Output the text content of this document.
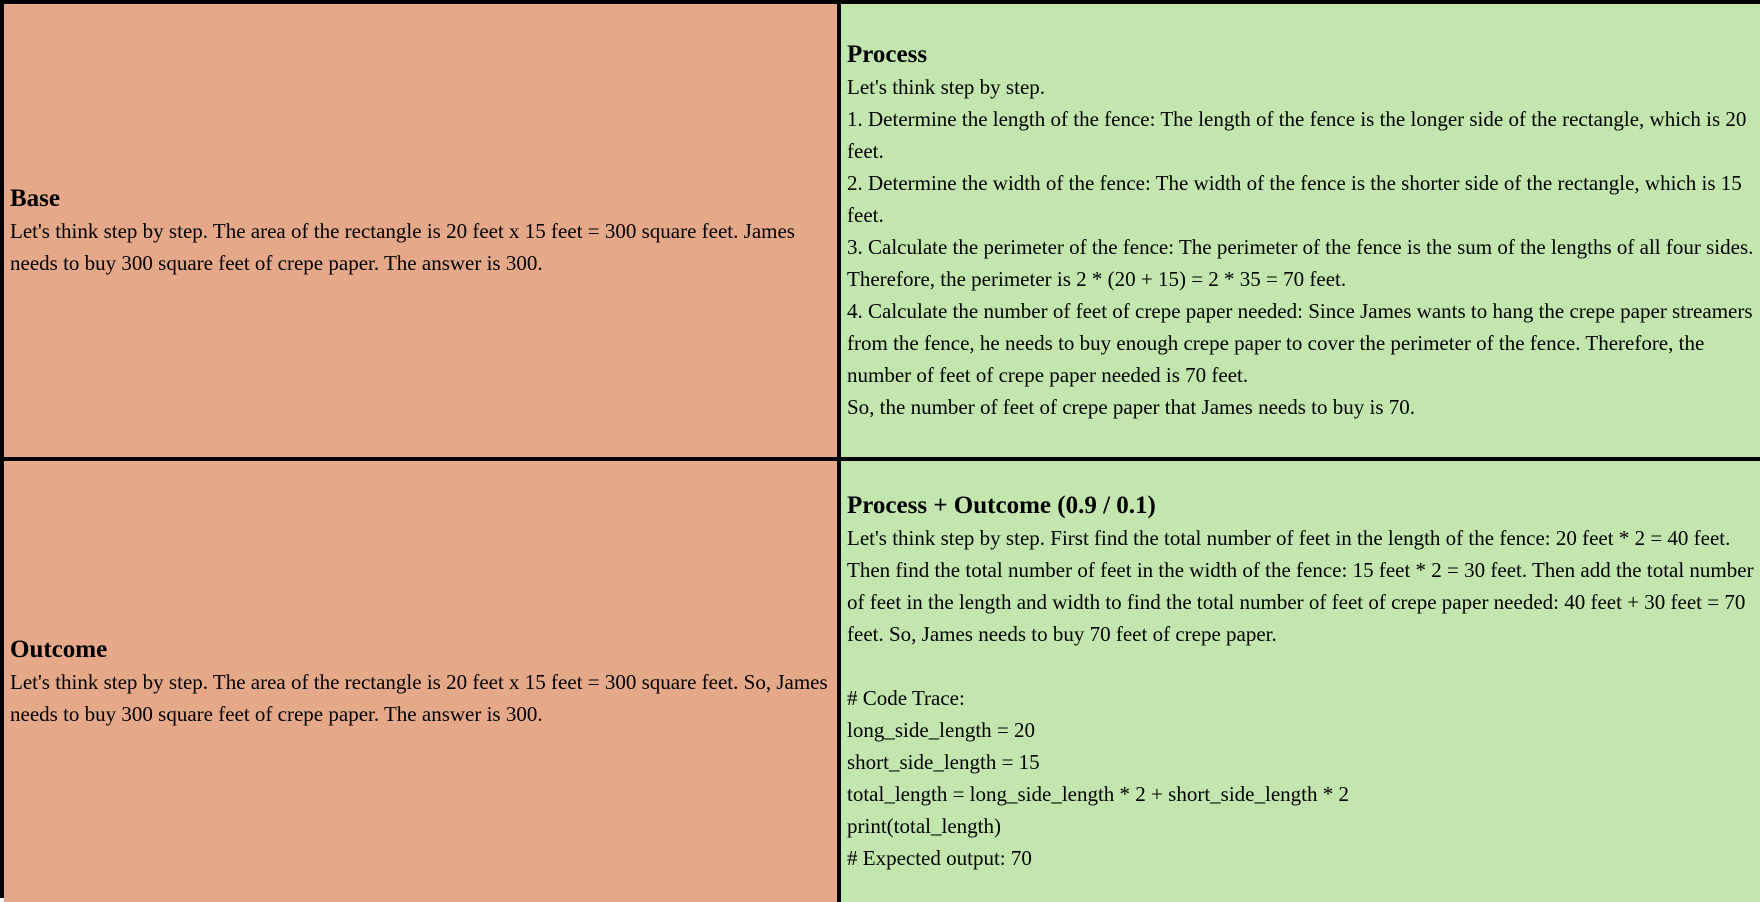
Base

Let's think step by step. The area of the rectangle is 20 feet x 15 feet = 300 square feet. James needs to buy 300 square feet of crepe paper. The answer is 300.

Process

Let's think step by step.

1. Determine the length of the fence: The length of the fence is the longer side of the rectangle, which is 20 feet.

2. Determine the width of the fence: The width of the fence is the shorter side of the rectangle, which is 15 feet.

3. Calculate the perimeter of the fence: The perimeter of the fence is the sum of the lengths of all four sides. Therefore, the perimeter is 2 * (20 + 15) = 2 * 35 = 70 feet.

4. Calculate the number of feet of crepe paper needed: Since James wants to hang the crepe paper streamers from the fence, he needs to buy enough crepe paper to cover the perimeter of the fence. Therefore, the number of feet of crepe paper needed is 70 feet.

So, the number of feet of crepe paper that James needs to buy is 70.

Outcome

Let's think step by step. The area of the rectangle is 20 feet x 15 feet = 300 square feet. So, James needs to buy 300 square feet of crepe paper. The answer is 300.

Process + Outcome (0.9 / 0.1)

Let's think step by step. First find the total number of feet in the length of the fence: 20 feet * 2 = 40 feet. Then find the total number of feet in the width of the fence: 15 feet * 2 = 30 feet. Then add the total number of feet in the length and width to find the total number of feet of crepe paper needed: 40 feet + 30 feet = 70 feet. So, James needs to buy 70 feet of crepe paper.

# Code Trace:

long_side_length = 20

short_side_length = 15

total_length = long_side_length * 2 + short_side_length * 2

print(total_length)

# Expected output: 70
